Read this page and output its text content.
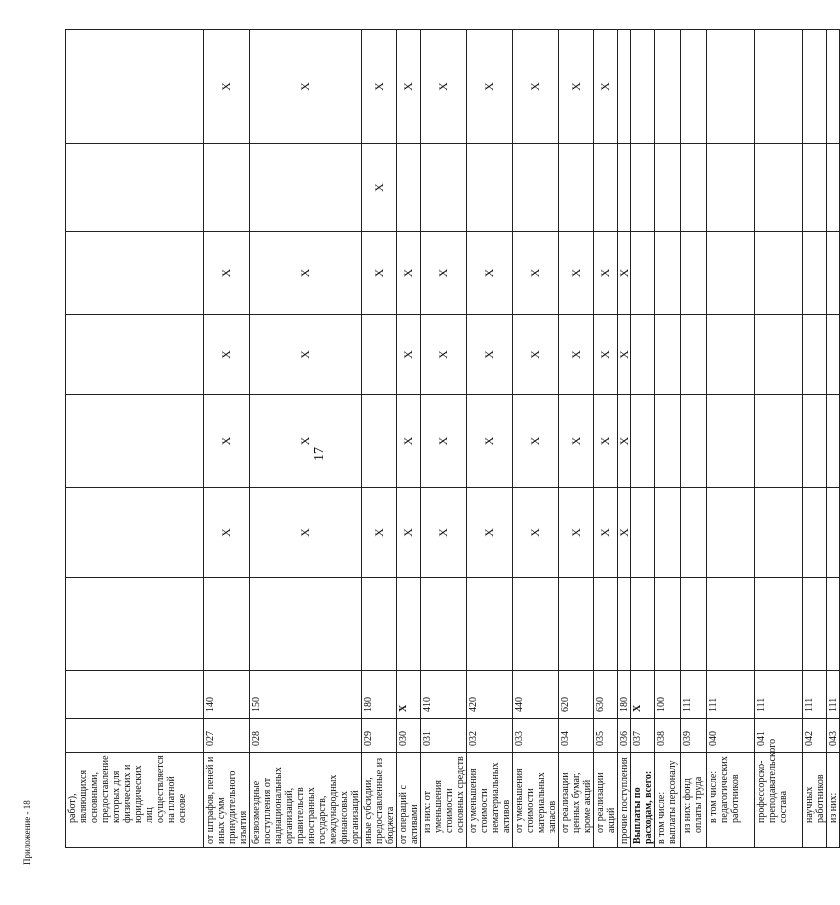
17
работ), являющихся основными, предоставление которых для физических и юридических лиц осуществляется на платной основе									
от штрафов, пеней и иных сумм принудительного изъятия	027	140		X	X	X	X		X
безвозмездные поступления от наднациональных организаций, правительств иностранных государств, международных финансовых организаций	028	150		X	X	X	X		X
иные субсидии, предоставленные из бюджета	029	180		X			X	X	X
от операций с активами	030	X		X	X	X	X		X
из них: от уменьшения стоимости основных средств	031	410		X	X	X	X		X
от уменьшения стоимости нематериальных активов	032	420		X	X	X	X		X
от уменьшения стоимости материальных запасов	033	440		X	X	X	X		X
от реализации ценных бумаг, кроме акций	034	620		X	X	X	X		X
от реализации акций	035	630		X	X	X	X		X
прочие поступления	036	180		X	X	X	X		
Выплаты по расходам, всего:	037	X							
в том числе: выплаты персоналу	038	100							
из них: фонд оплаты труда	039	111							
в том числе: педагогических работников	040	111							
профессорско-преподавательского состава	041	111							
научных работников	042	111							
из них:	043	111							
Приложение - 18
